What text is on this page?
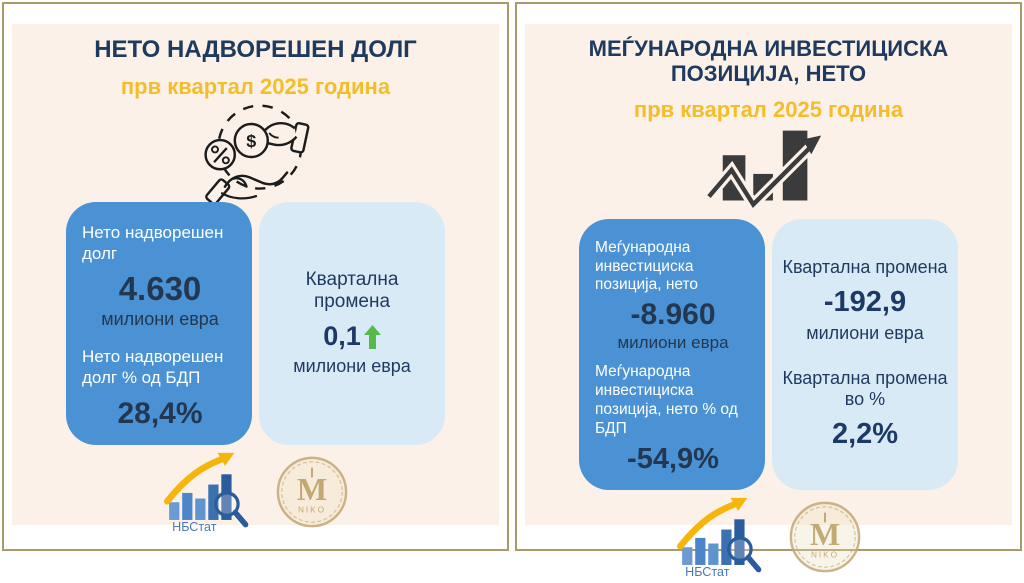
НЕТО НАДВОРЕШЕН ДОЛГ
прв квартал 2025 година
$
Нето надворешен долг
4.630
милиони евра
Нето надворешен долг % од БДП
28,4%
Квартална промена
0,1
милиони евра
НБСтат
M
NIKO
МЕЃУНАРОДНА ИНВЕСТИЦИСКА ПОЗИЦИЈА, НЕТО
прв квартал 2025 година
Меѓународна инвестициска позиција, нето
-8.960
милиони евра
Меѓународна инвестициска позиција, нето % од БДП
-54,9%
Квартална промена
-192,9
милиони евра
Квартална промена во %
2,2%
НБСтат
M
NIKO
